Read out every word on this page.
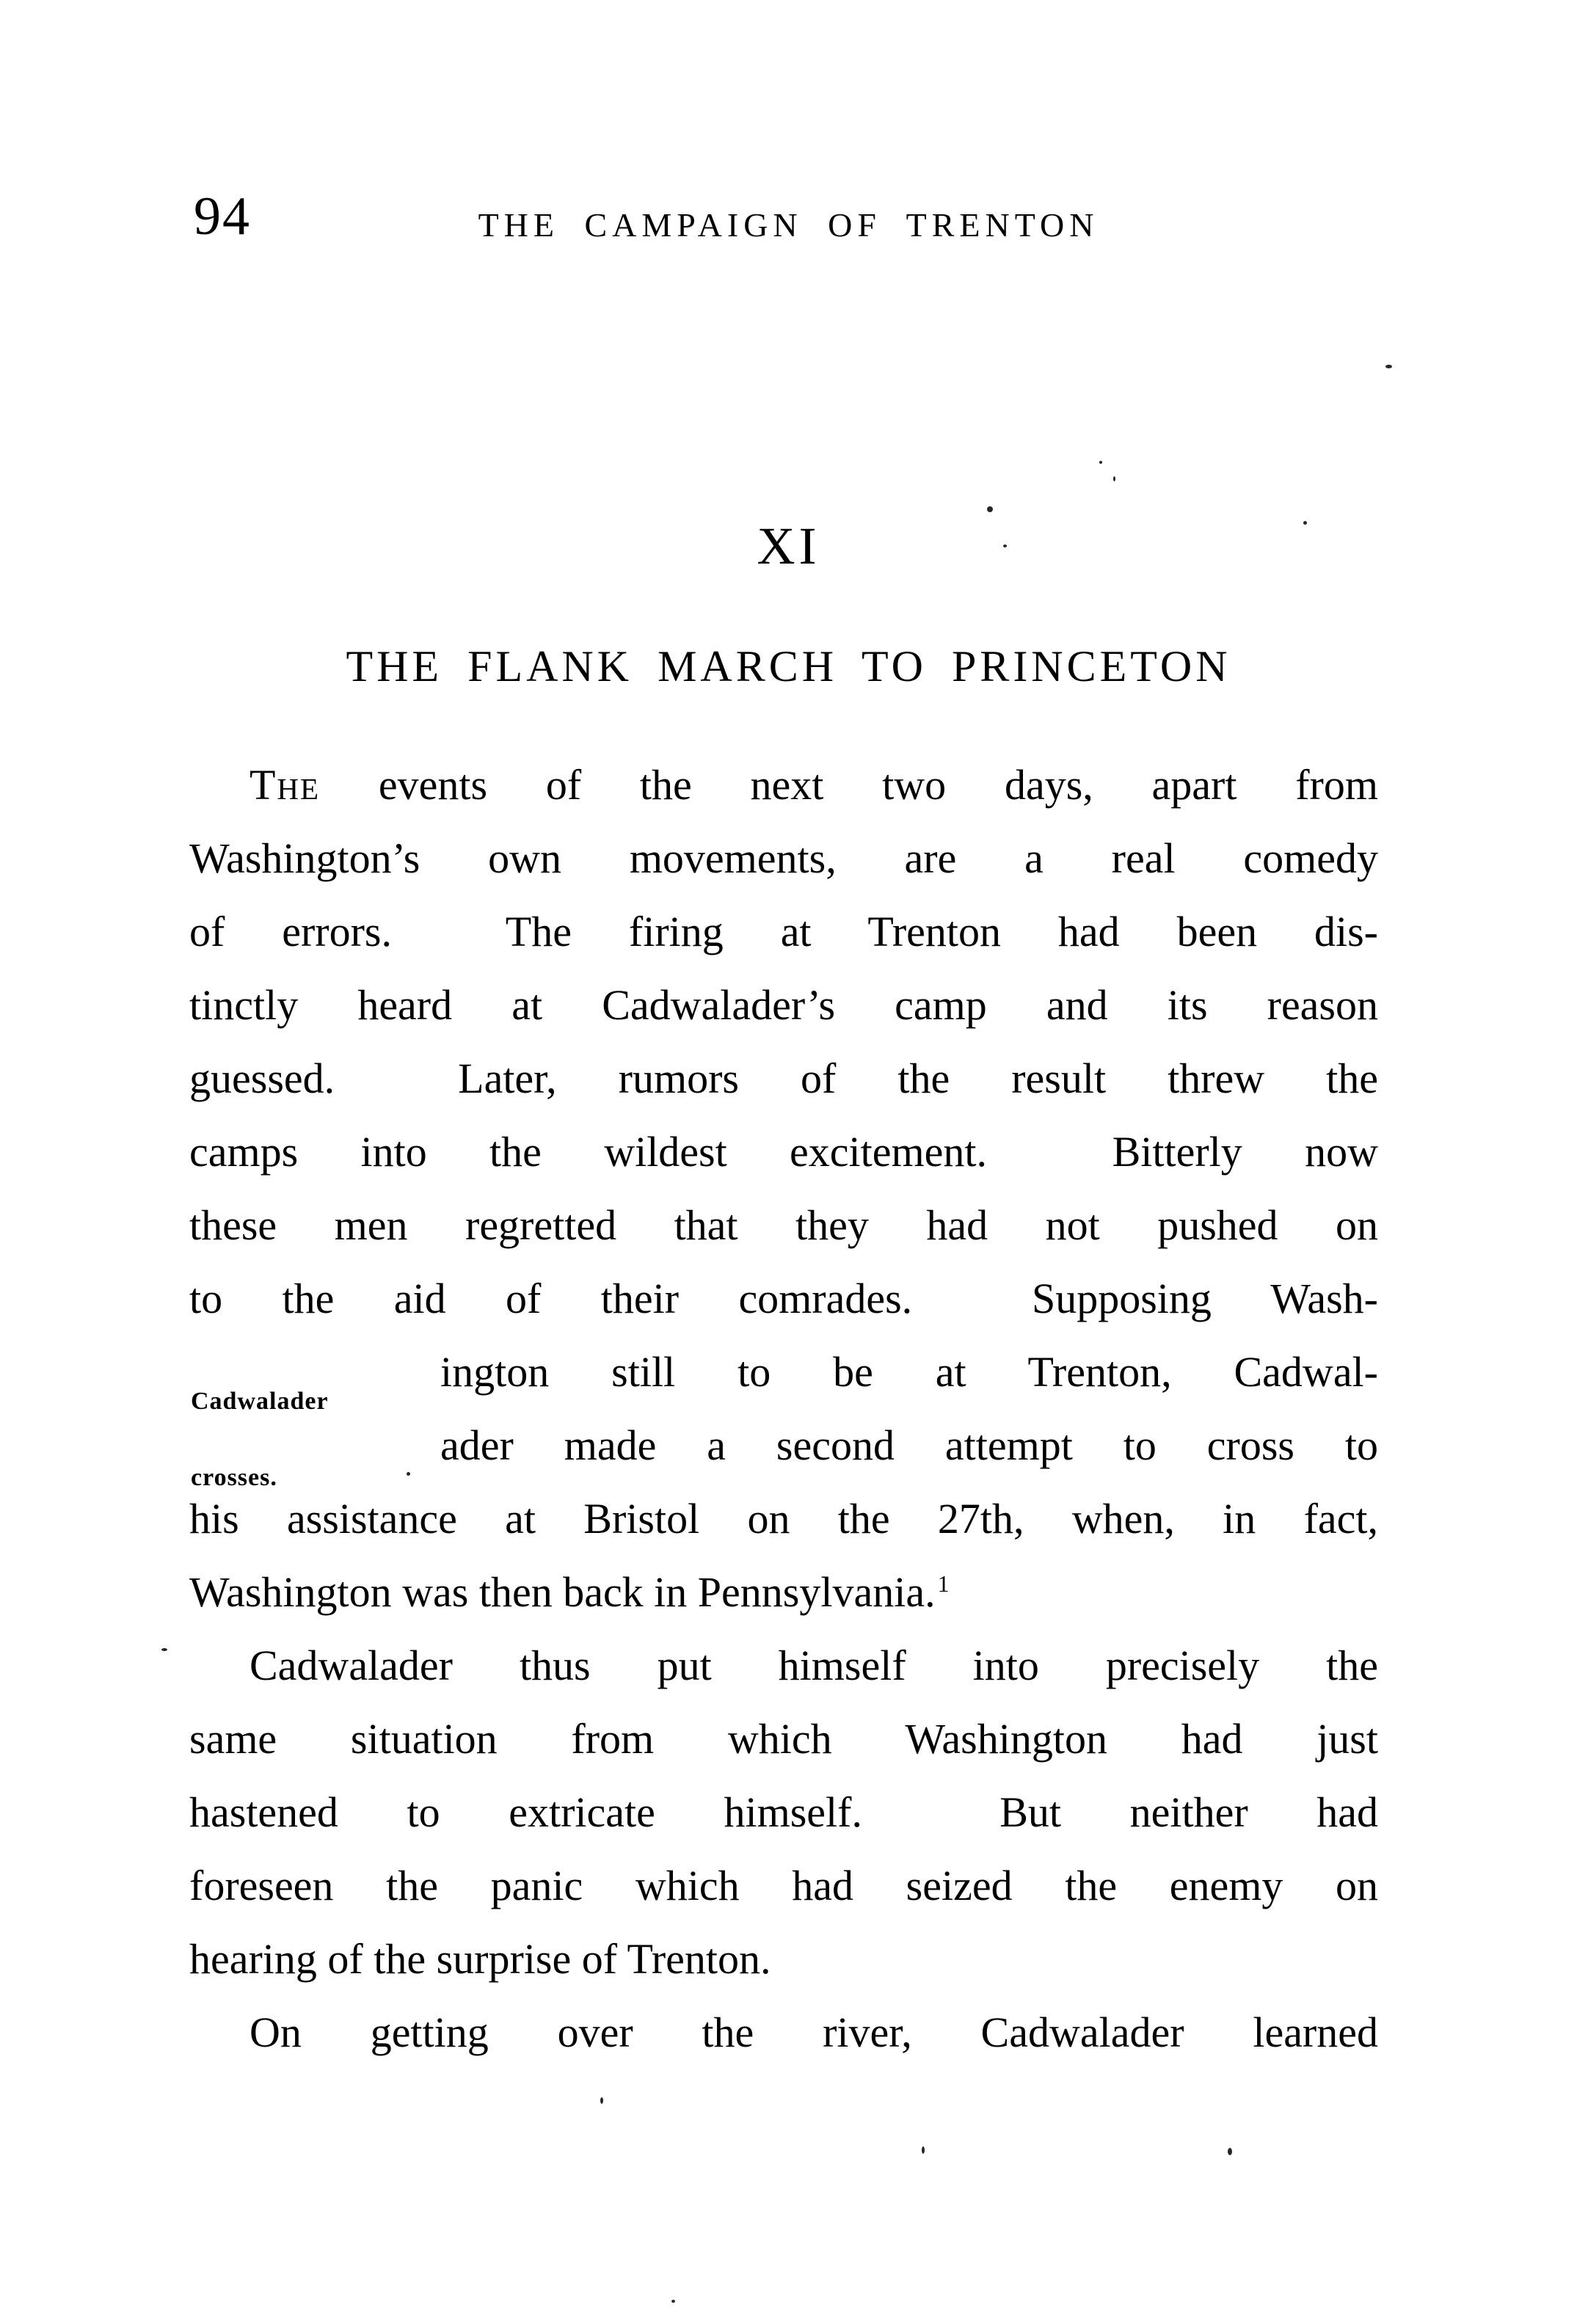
94	THE CAMPAIGN OF TRENTON
XI
THE FLANK MARCH TO PRINCETON
Cadwalader
crosses.
The events of the next two days, apart from
Washington’s own movements, are a real comedy
of errors.  The firing at Trenton had been dis-
tinctly heard at Cadwalader’s camp and its reason
guessed.  Later, rumors of the result threw the
camps into the wildest excitement.  Bitterly now
these men regretted that they had not pushed on
to the aid of their comrades.  Supposing Wash-
ington still to be at Trenton, Cadwal-
ader made a second attempt to cross to
his assistance at Bristol on the 27th, when, in fact,
Washington was then back in Pennsylvania.$^1$
Cadwalader thus put himself into precisely the
same situation from which Washington had just
hastened to extricate himself.  But neither had
foreseen the panic which had seized the enemy on
hearing of the surprise of Trenton.
On getting over the river, Cadwalader learned
